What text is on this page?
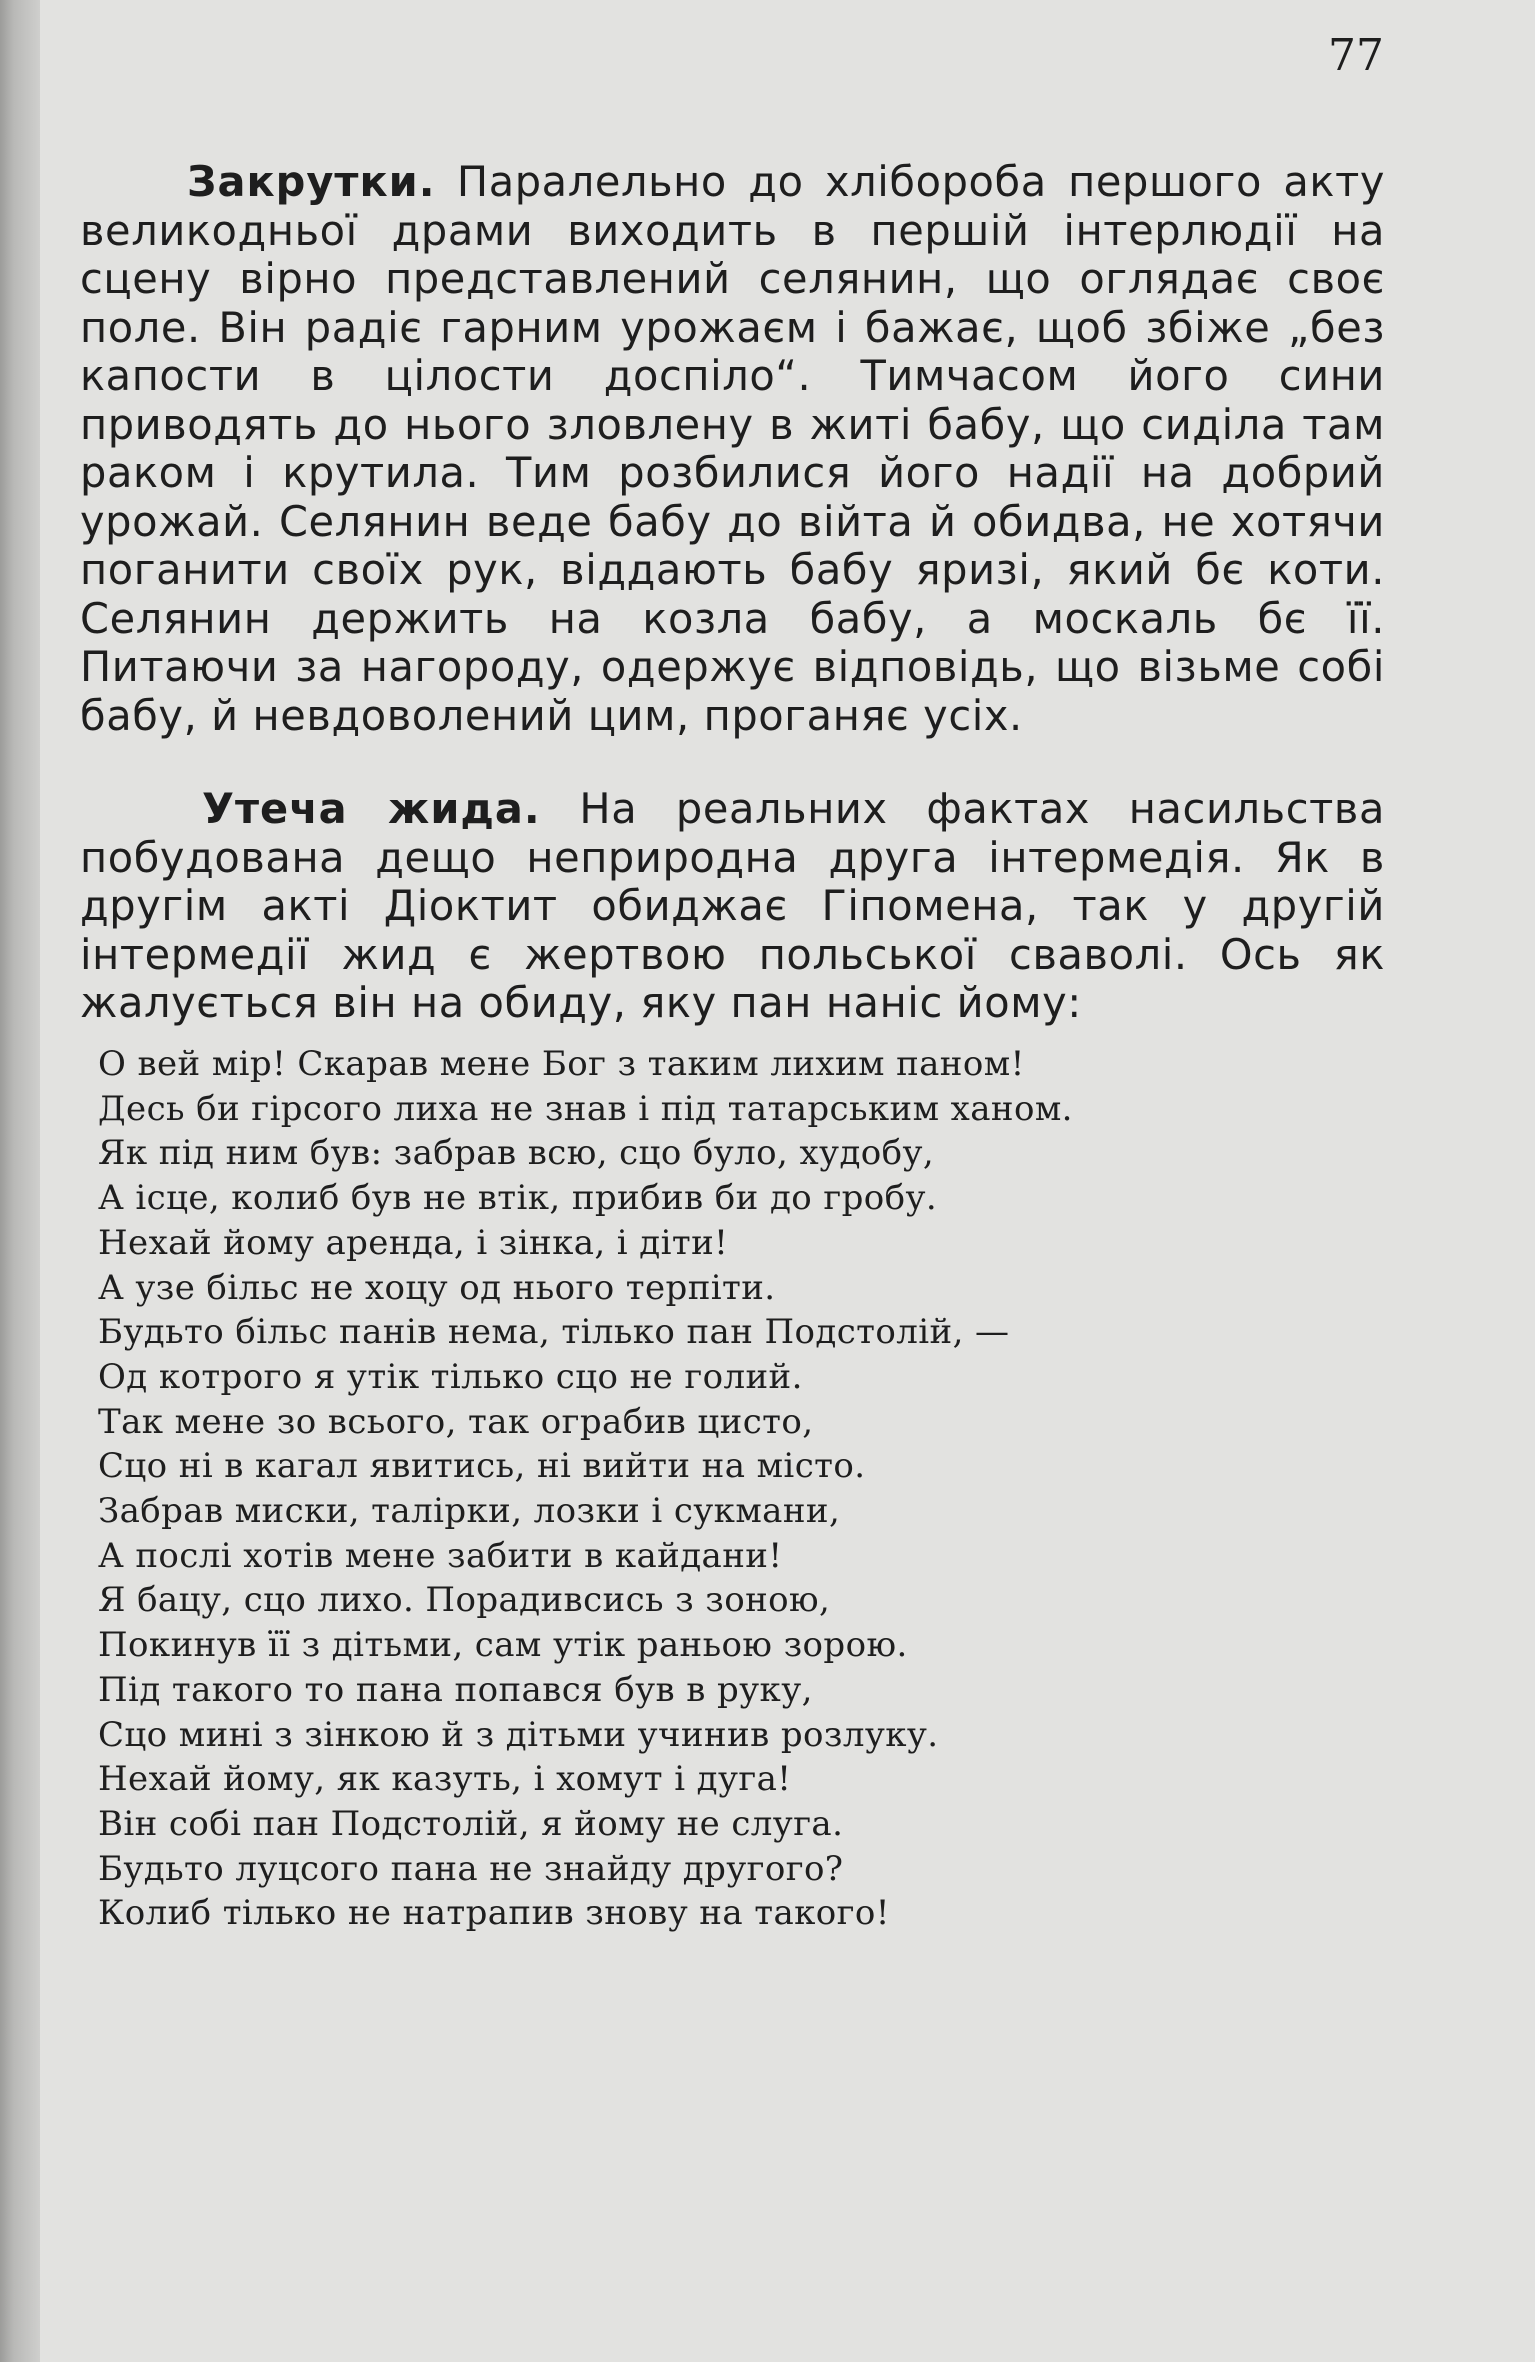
77

Закрутки. Паралельно до хлібороба першого акту великодньої драми виходить в першій інтерлюдії на сцену вірно представлений селянин, що оглядає своє поле. Він радіє гарним урожаєм і бажає, щоб збіже „без капости в цілости доспіло“. Тимчасом його сини приводять до нього зловлену в житі бабу, що сиділа там раком і крутила. Тим розбилися його надії на добрий урожай. Селянин веде бабу до війта й обидва, не хотячи поганити своїх рук, віддають бабу яризі, який бє коти. Селянин держить на козла бабу, а москаль бє її. Питаючи за нагороду, одержує відповідь, що візьме собі бабу, й невдоволений цим, проганяє усіх.

Утеча жида. На реальних фактах насильства побудована дещо неприродна друга інтермедія. Як в другім акті Діоктит обиджає Гіпомена, так у другій інтермедії жид є жертвою польської сваволі. Ось як жалується він на обиду, яку пан наніс йому:

О вей мір! Скарав мене Бог з таким лихим паном!
Десь би гірсого лиха не знав і під татарським ханом.
Як під ним був: забрав всю, сцо було, худобу,
А ісце, колиб був не втік, прибив би до гробу.
Нехай йому аренда, і зінка, і діти!
А узе більс не хоцу од нього терпіти.
Будьто більс панів нема, тілько пан Подстолій, —
Од котрого я утік тілько сцо не голий.
Так мене зо всього, так ограбив цисто,
Сцо ні в кагал явитись, ні вийти на місто.
Забрав миски, талірки, лозки і сукмани,
А послі хотів мене забити в кайдани!
Я бацу, сцо лихо. Порадивсись з зоною,
Покинув її з дітьми, сам утік раньою зорою.
Під такого то пана попався був в руку,
Сцо мині з зінкою й з дітьми учинив розлуку.
Нехай йому, як казуть, і хомут і дуга!
Він собі пан Подстолій, я йому не слуга.
Будьто луцсого пана не знайду другого?
Колиб тілько не натрапив знову на такого!
